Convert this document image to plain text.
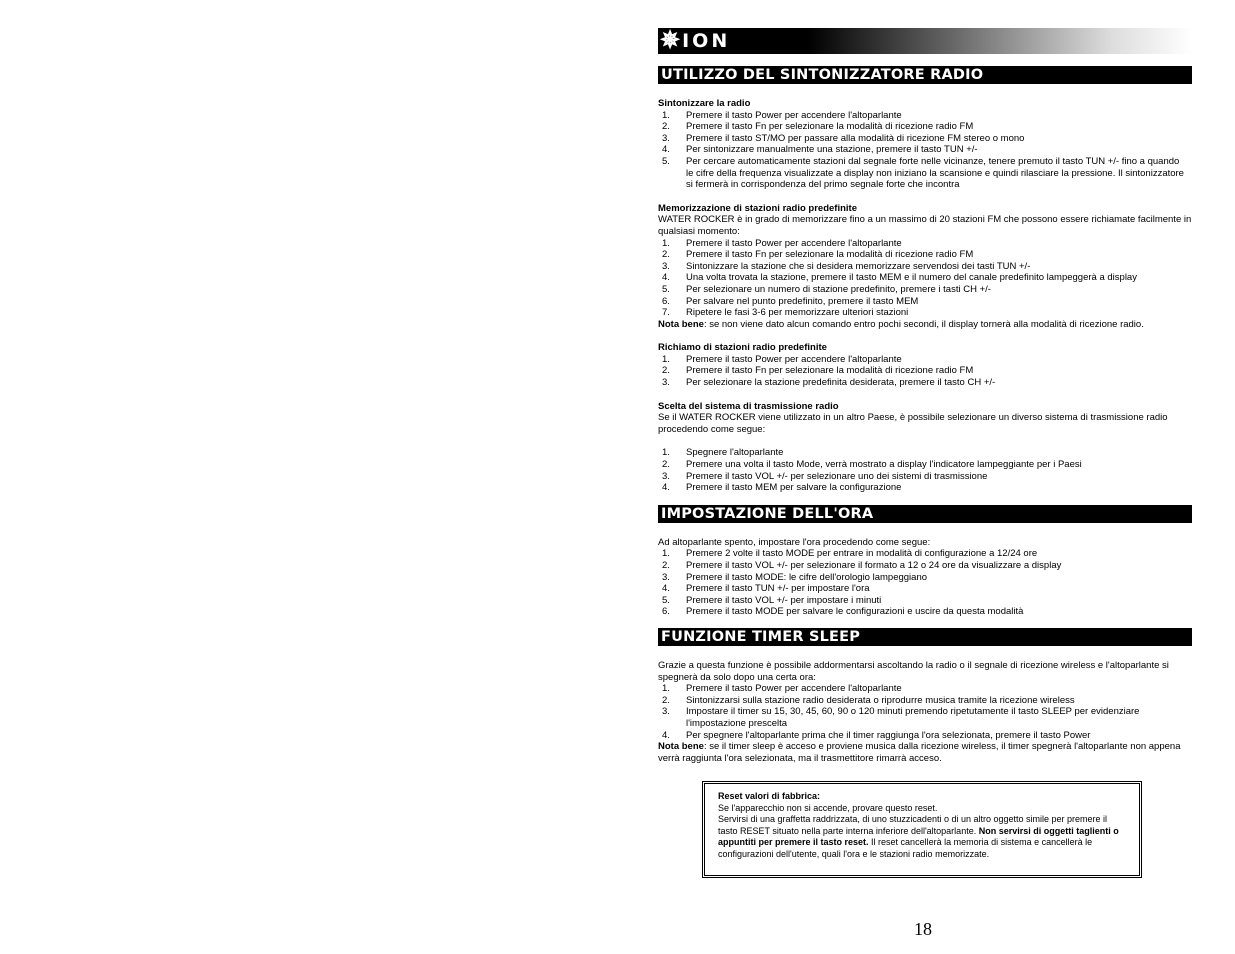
✵ ION
UTILIZZO DEL SINTONIZZATORE RADIO
Sintonizzare la radio
1.	Premere il tasto Power per accendere l'altoparlante
2.	Premere il tasto Fn per selezionare la modalità di ricezione radio FM
3.	Premere il tasto ST/MO per passare alla modalità di ricezione FM stereo o mono
4.	Per sintonizzare manualmente una stazione, premere il tasto TUN +/-
5.	Per cercare automaticamente stazioni dal segnale forte nelle vicinanze, tenere premuto il tasto TUN +/- fino a quando le cifre della frequenza visualizzate a display non iniziano la scansione e quindi rilasciare la pressione. Il sintonizzatore si fermerà in corrispondenza del primo segnale forte che incontra
Memorizzazione di stazioni radio predefinite
WATER ROCKER è in grado di memorizzare fino a un massimo di 20 stazioni FM che possono essere richiamate facilmente in qualsiasi momento:
1.	Premere il tasto Power per accendere l'altoparlante
2.	Premere il tasto Fn per selezionare la modalità di ricezione radio FM
3.	Sintonizzare la stazione che si desidera memorizzare servendosi dei tasti TUN +/-
4.	Una volta trovata la stazione, premere il tasto MEM e il numero del canale predefinito lampeggerà a display
5.	Per selezionare un numero di stazione predefinito, premere i tasti CH +/-
6.	Per salvare nel punto predefinito, premere il tasto MEM
7.	Ripetere le fasi 3-6 per memorizzare ulteriori stazioni
Nota bene: se non viene dato alcun comando entro pochi secondi, il display tornerà alla modalità di ricezione radio.
Richiamo di stazioni radio predefinite
1.	Premere il tasto Power per accendere l'altoparlante
2.	Premere il tasto Fn per selezionare la modalità di ricezione radio FM
3.	Per selezionare la stazione predefinita desiderata, premere il tasto CH +/-
Scelta del sistema di trasmissione radio
Se il WATER ROCKER viene utilizzato in un altro Paese, è possibile selezionare un diverso sistema di trasmissione radio procedendo come segue:
1.	Spegnere l'altoparlante
2.	Premere una volta il tasto Mode, verrà mostrato a display l'indicatore lampeggiante per i Paesi
3.	Premere il tasto VOL +/- per selezionare uno dei sistemi di trasmissione
4.	Premere il tasto MEM per salvare la configurazione
IMPOSTAZIONE DELL'ORA
Ad altoparlante spento, impostare l'ora procedendo come segue:
1.	Premere 2 volte il tasto MODE per entrare in modalità di configurazione a 12/24 ore
2.	Premere il tasto VOL +/- per selezionare il formato a 12 o 24 ore da visualizzare a display
3.	Premere il tasto MODE: le cifre dell'orologio lampeggiano
4.	Premere il tasto TUN +/- per impostare l'ora
5.	Premere il tasto VOL +/- per impostare i minuti
6.	Premere il tasto MODE per salvare le configurazioni e uscire da questa modalità
FUNZIONE TIMER SLEEP
Grazie a questa funzione è possibile addormentarsi ascoltando la radio o il segnale di ricezione wireless e l'altoparlante si spegnerà da solo dopo una certa ora:
1.	Premere il tasto Power per accendere l'altoparlante
2.	Sintonizzarsi sulla stazione radio desiderata o riprodurre musica tramite la ricezione wireless
3.	Impostare il timer su 15, 30, 45, 60, 90 o 120 minuti premendo ripetutamente il tasto SLEEP per evidenziare l'impostazione prescelta
4.	Per spegnere l'altoparlante prima che il timer raggiunga l'ora selezionata, premere il tasto Power
Nota bene: se il timer sleep è acceso e proviene musica dalla ricezione wireless, il timer spegnerà l'altoparlante non appena verrà raggiunta l'ora selezionata, ma il trasmettitore rimarrà acceso.
Reset valori di fabbrica:
Se l'apparecchio non si accende, provare questo reset.
Servirsi di una graffetta raddrizzata, di uno stuzzicadenti o di un altro oggetto simile per premere il tasto RESET situato nella parte interna inferiore dell'altoparlante. Non servirsi di oggetti taglienti o appuntiti per premere il tasto reset. Il reset cancellerà la memoria di sistema e cancellerà le configurazioni dell'utente, quali l'ora e le stazioni radio memorizzate.
18
